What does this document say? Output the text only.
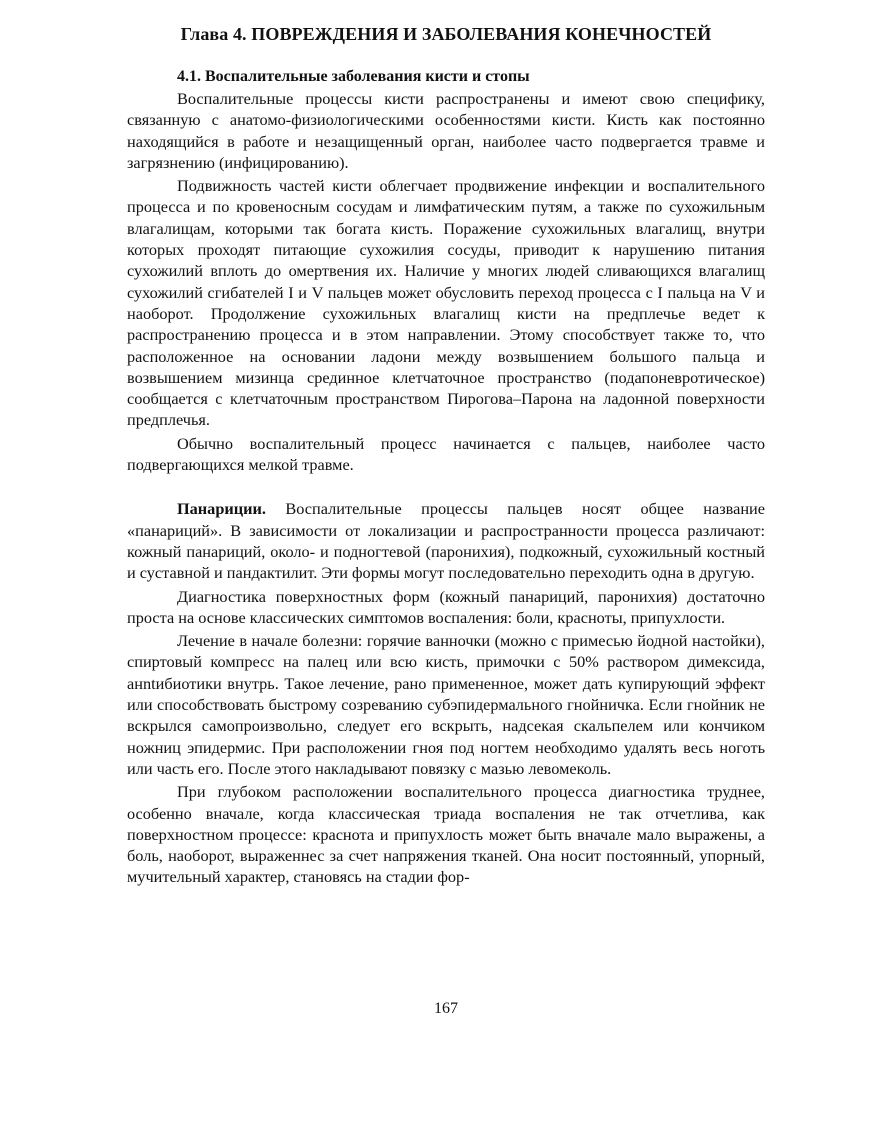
Глава 4. ПОВРЕЖДЕНИЯ И ЗАБОЛЕВАНИЯ КОНЕЧНОСТЕЙ
4.1. Воспалительные заболевания кисти и стопы

Воспалительные процессы кисти распространены и имеют свою специфику, связанную с анатомо-физиологическими особенностями кисти. Кисть как постоянно находящийся в работе и незащищенный орган, наиболее часто подвергается травме и загрязнению (инфицированию).

Подвижность частей кисти облегчает продвижение инфекции и воспалительного процесса и по кровеносным сосудам и лимфатическим путям, а также по сухожильным влагалищам, которыми так богата кисть. Поражение сухожильных влагалищ, внутри которых проходят питающие сухожилия сосуды, приводит к нарушению питания сухожилий вплоть до омертвения их. Наличие у многих людей сливающихся влагалищ сухожилий сгибателей I и V пальцев может обусловить переход процесса с I пальца на V и наоборот. Продолжение сухожильных влагалищ кисти на предплечье ведет к распространению процесса и в этом направлении. Этому способствует также то, что расположенное на основании ладони между возвышением большого пальца и возвышением мизинца срединное клетчаточное пространство (подапоневротическое) сообщается с клетчаточным пространством Пирогова–Парона на ладонной поверхности предплечья.

Обычно воспалительный процесс начинается с пальцев, наиболее часто подвергающихся мелкой травме.

Панариции. Воспалительные процессы пальцев носят общее название «панариций». В зависимости от локализации и распространности процесса различают: кожный панариций, около- и подногтевой (паронихия), подкожный, сухожильный костный и суставной и пандактилит. Эти формы могут последовательно переходить одна в другую.

Диагностика поверхностных форм (кожный панариций, паронихия) достаточно проста на основе классических симптомов воспаления: боли, красноты, припухлости.

Лечение в начале болезни: горячие ванночки (можно с примесью йодной настойки), спиртовый компресс на палец или всю кисть, примочки с 50% раствором димексида, анntибиотики внутрь. Такое лечение, рано примененное, может дать купирующий эффект или способствовать быстрому созреванию субэпидермального гнойничка. Если гнойник не вскрылся самопроизвольно, следует его вскрыть, надсекая скальпелем или кончиком ножниц эпидермис. При расположении гноя под ногтем необходимо удалять весь ноготь или часть его. После этого накладывают повязку с мазью левомеколь.

При глубоком расположении воспалительного процесса диагностика труднее, особенно вначале, когда классическая триада воспаления не так отчетлива, как поверхностном процессе: краснота и припухлость может быть вначале мало выражены, а боль, наоборот, выраженнес за счет напряжения тканей. Она носит постоянный, упорный, мучительный характер, становясь на стадии фор-

167
